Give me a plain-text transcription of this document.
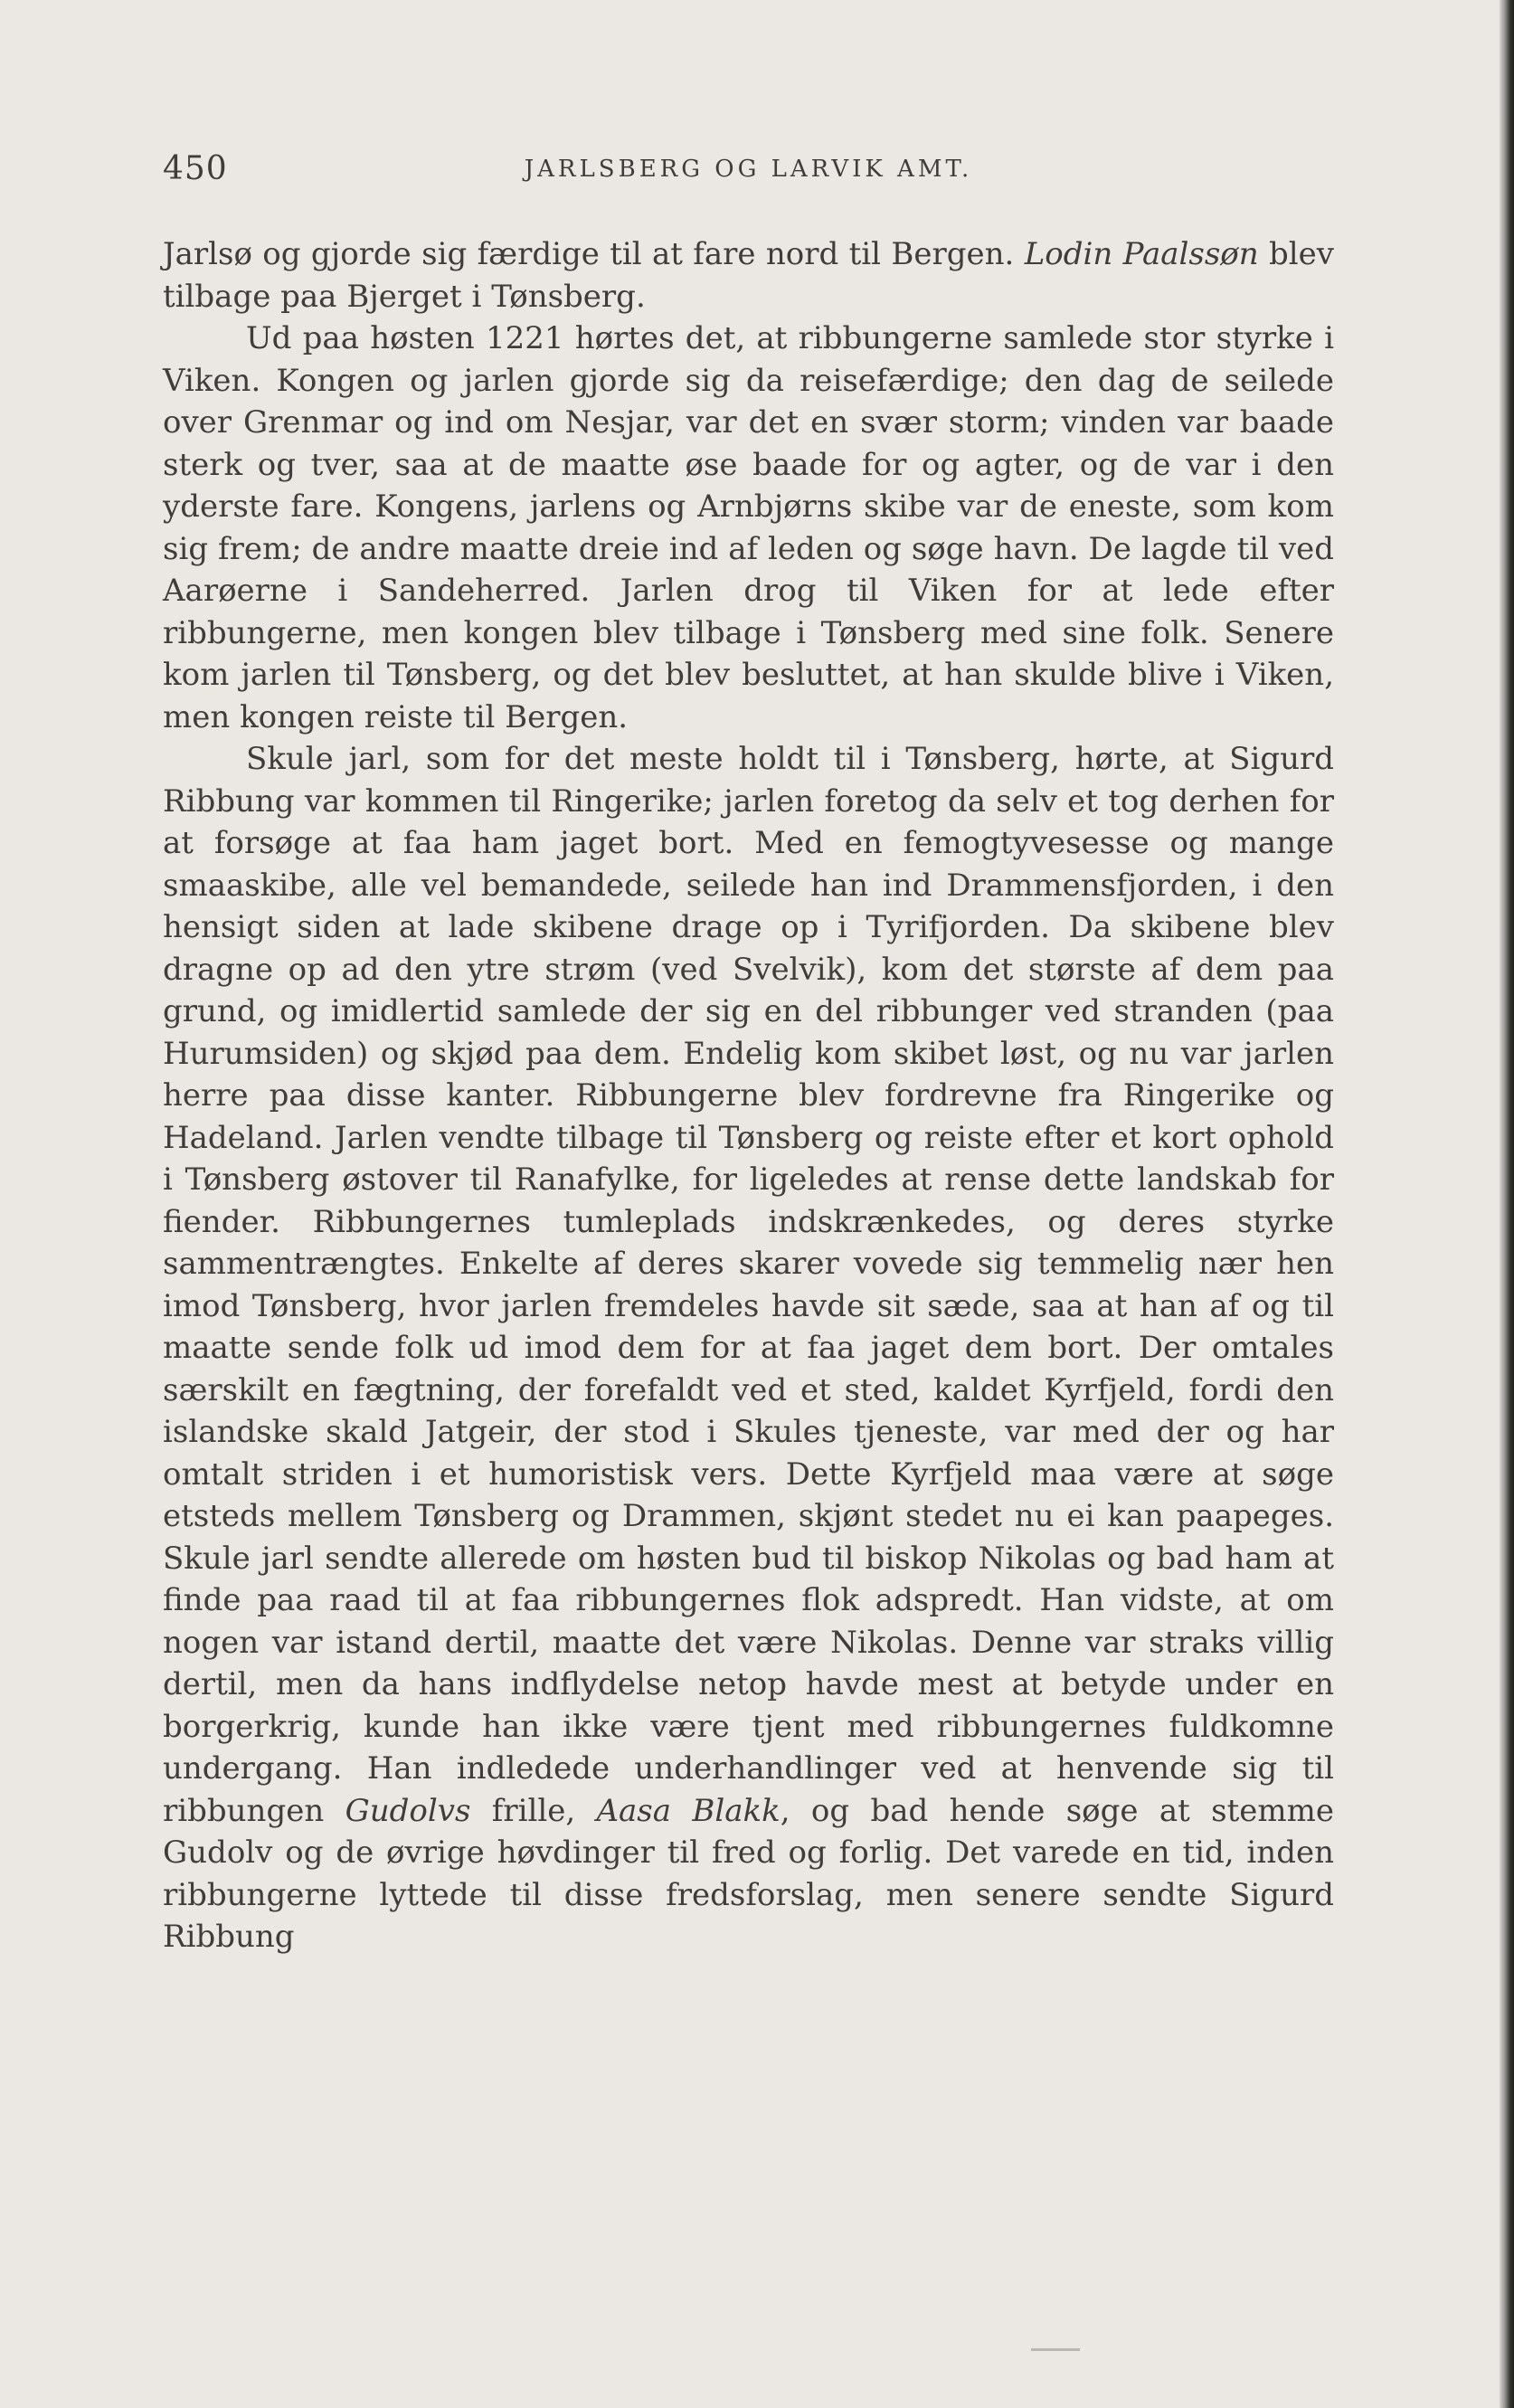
450	JARLSBERG OG LARVIK AMT.

Jarlsø og gjorde sig færdige til at fare nord til Bergen. Lodin Paalssøn blev tilbage paa Bjerget i Tønsberg.

Ud paa høsten 1221 hørtes det, at ribbungerne samlede stor styrke i Viken. Kongen og jarlen gjorde sig da reisefærdige; den dag de seilede over Grenmar og ind om Nesjar, var det en svær storm; vinden var baade sterk og tver, saa at de maatte øse baade for og agter, og de var i den yderste fare. Kongens, jarlens og Arnbjørns skibe var de eneste, som kom sig frem; de andre maatte dreie ind af leden og søge havn. De lagde til ved Aarøerne i Sandeherred. Jarlen drog til Viken for at lede efter ribbungerne, men kongen blev tilbage i Tønsberg med sine folk. Senere kom jarlen til Tønsberg, og det blev besluttet, at han skulde blive i Viken, men kongen reiste til Bergen.

Skule jarl, som for det meste holdt til i Tønsberg, hørte, at Sigurd Ribbung var kommen til Ringerike; jarlen foretog da selv et tog derhen for at forsøge at faa ham jaget bort. Med en femogtyvesesse og mange smaaskibe, alle vel bemandede, seilede han ind Drammensfjorden, i den hensigt siden at lade skibene drage op i Tyrifjorden. Da skibene blev dragne op ad den ytre strøm (ved Svelvik), kom det største af dem paa grund, og imidlertid samlede der sig en del ribbunger ved stranden (paa Hurumsiden) og skjød paa dem. Endelig kom skibet løst, og nu var jarlen herre paa disse kanter. Ribbungerne blev fordrevne fra Ringerike og Hadeland. Jarlen vendte tilbage til Tønsberg og reiste efter et kort ophold i Tønsberg østover til Ranafylke, for ligeledes at rense dette landskab for fiender. Ribbungernes tumleplads indskrænkedes, og deres styrke sammentrængtes. Enkelte af deres skarer vovede sig temmelig nær hen imod Tønsberg, hvor jarlen fremdeles havde sit sæde, saa at han af og til maatte sende folk ud imod dem for at faa jaget dem bort. Der omtales særskilt en fægtning, der forefaldt ved et sted, kaldet Kyrfjeld, fordi den islandske skald Jatgeir, der stod i Skules tjeneste, var med der og har omtalt striden i et humoristisk vers. Dette Kyrfjeld maa være at søge etsteds mellem Tønsberg og Drammen, skjønt stedet nu ei kan paapeges. Skule jarl sendte allerede om høsten bud til biskop Nikolas og bad ham at finde paa raad til at faa ribbungernes flok adspredt. Han vidste, at om nogen var istand dertil, maatte det være Nikolas. Denne var straks villig dertil, men da hans indflydelse netop havde mest at betyde under en borgerkrig, kunde han ikke være tjent med ribbungernes fuldkomne undergang. Han indledede underhandlinger ved at henvende sig til ribbungen Gudolvs frille, Aasa Blakk, og bad hende søge at stemme Gudolv og de øvrige høvdinger til fred og forlig. Det varede en tid, inden ribbungerne lyttede til disse fredsforslag, men senere sendte Sigurd Ribbung
